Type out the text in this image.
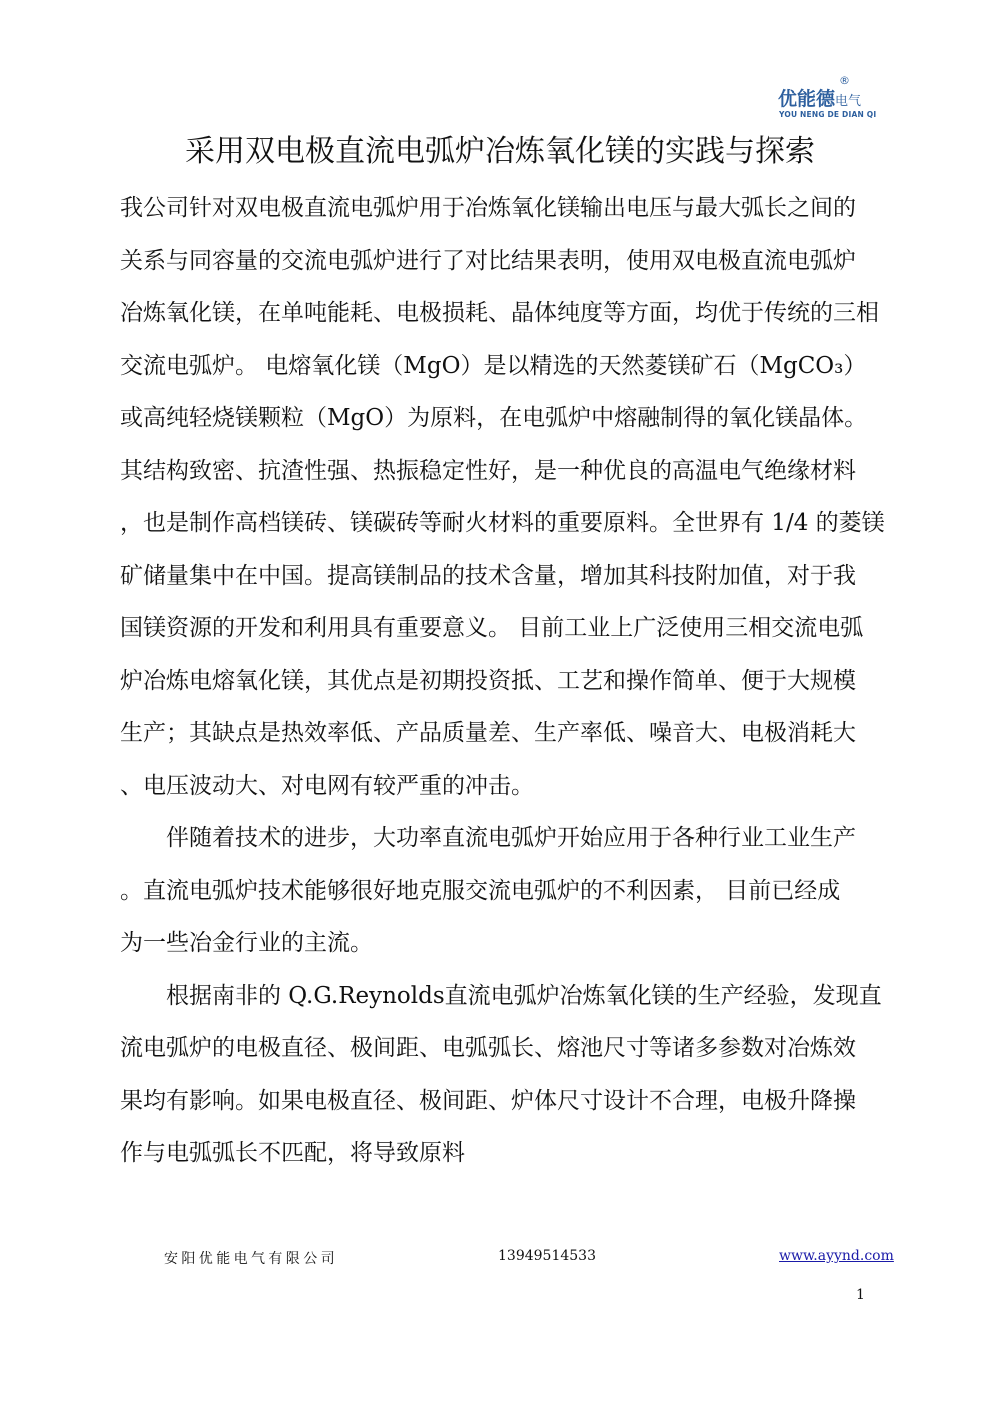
®
优能德电气
YOU NENG DE DIAN QI
采用双电极直流电弧炉冶炼氧化镁的实践与探索
我公司针对双电极直流电弧炉用于冶炼氧化镁输出电压与最大弧长之间的
关系与同容量的交流电弧炉进行了对比结果表明，使用双电极直流电弧炉
冶炼氧化镁，在单吨能耗、电极损耗、晶体纯度等方面，均优于传统的三相
交流电弧炉。 电熔氧化镁（MgO）是以精选的天然菱镁矿石（MgCO₃）
或高纯轻烧镁颗粒（MgO）为原料，在电弧炉中熔融制得的氧化镁晶体。
其结构致密、抗渣性强、热振稳定性好，是一种优良的高温电气绝缘材料
，也是制作高档镁砖、镁碳砖等耐火材料的重要原料。全世界有 1/4 的菱镁
矿储量集中在中国。提高镁制品的技术含量，增加其科技附加值，对于我
国镁资源的开发和利用具有重要意义。 目前工业上广泛使用三相交流电弧
炉冶炼电熔氧化镁，其优点是初期投资抵、工艺和操作简单、便于大规模
生产；其缺点是热效率低、产品质量差、生产率低、噪音大、电极消耗大
、电压波动大、对电网有较严重的冲击。
伴随着技术的进步，大功率直流电弧炉开始应用于各种行业工业生产
。直流电弧炉技术能够很好地克服交流电弧炉的不利因素， 目前已经成
为一些冶金行业的主流。
根据南非的 Q.G.Reynolds直流电弧炉冶炼氧化镁的生产经验，发现直
流电弧炉的电极直径、极间距、电弧弧长、熔池尺寸等诸多参数对冶炼效
果均有影响。如果电极直径、极间距、炉体尺寸设计不合理，电极升降操
作与电弧弧长不匹配，将导致原料
安阳优能电气有限公司	13949514533	www.ayynd.com
1
